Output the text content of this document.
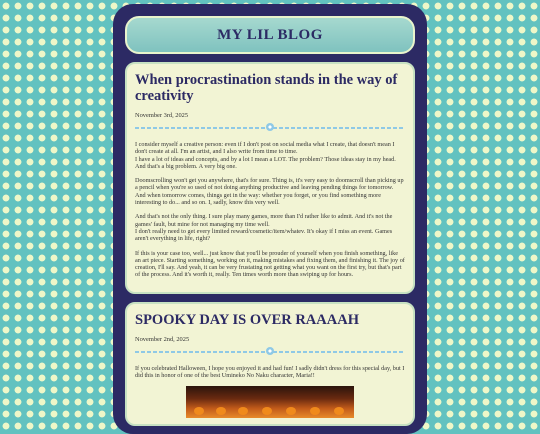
MY LIL BLOG
When procrastination stands in the way of creativity
November 3rd, 2025

I consider myself a creative person: even if I don't post on social media what I create, that doesn't mean I don't create at all. I'm an artist, and I also write from time to time.
I have a lot of ideas and concepts, and by a lot I mean a LOT. The problem? Those ideas stay in my head. And that's a big problem. A very big one.

Doomscrolling won't get you anywhere, that's for sure. Thing is, it's very easy to doomscroll than picking up a pencil when you're so used of not doing anything productive and leaving pending things for tomorrow. And when tomorrow comes, things get in the way: whether you forget, or you find something more interesting to do... and so on. I, sadly, know this very well.

And that's not the only thing. I sure play many games, more than I'd rather like to admit. And it's not the games' fault, but mine for not managing my time well.
I don't really need to get every limited reward/cosmetic/item/whatev. It's okay if I miss an event. Games aren't everything in life, right?

If this is your case too, well... just know that you'll be prouder of yourself when you finish something, like an art piece. Starting something, working on it, making mistakes and fixing them, and finishing it. The joy of creation, I'll say. And yeah, it can be very frustating not getting what you want on the first try, but that's part of the process. And it's worth it, really. Ten times worth more than swiping up for hours.

SPOOKY DAY IS OVER RAAAAH
November 2nd, 2025

If you celebrated Halloween, I hope you enjoyed it and had fun! I sadly didn't dress for this special day, but I did this in honor of one of the best Umineko No Naku character, Maria!!
